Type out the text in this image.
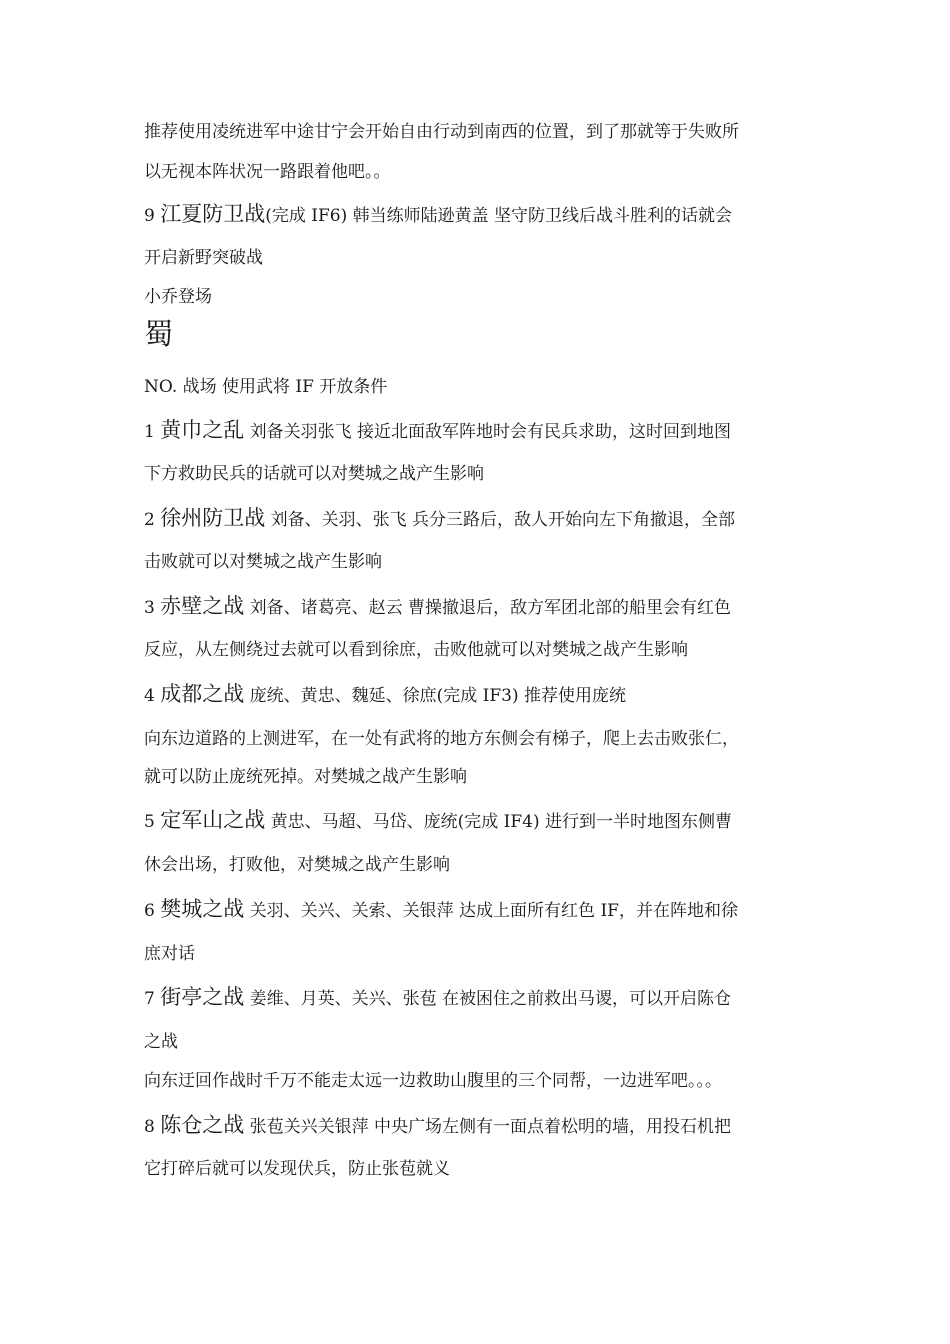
推荐使用凌统进军中途甘宁会开始自由行动到南西的位置，到了那就等于失败所
以无视本阵状况一路跟着他吧。。
9 江夏防卫战(完成 IF6) 韩当练师陆逊黄盖 坚守防卫线后战斗胜利的话就会
开启新野突破战
小乔登场
蜀
NO. 战场 使用武将 IF 开放条件
1 黄巾之乱 刘备关羽张飞 接近北面敌军阵地时会有民兵求助，这时回到地图
下方救助民兵的话就可以对樊城之战产生影响
2 徐州防卫战 刘备、关羽、张飞 兵分三路后，敌人开始向左下角撤退，全部
击败就可以对樊城之战产生影响
3 赤壁之战 刘备、诸葛亮、赵云 曹操撤退后，敌方军团北部的船里会有红色
反应，从左侧绕过去就可以看到徐庶，击败他就可以对樊城之战产生影响
4 成都之战 庞统、黄忠、魏延、徐庶(完成 IF3) 推荐使用庞统
向东边道路的上测进军，在一处有武将的地方东侧会有梯子，爬上去击败张仁，
就可以防止庞统死掉。对樊城之战产生影响
5 定军山之战 黄忠、马超、马岱、庞统(完成 IF4) 进行到一半时地图东侧曹
休会出场，打败他，对樊城之战产生影响
6 樊城之战 关羽、关兴、关索、关银萍 达成上面所有红色 IF，并在阵地和徐
庶对话
7 街亭之战 姜维、月英、关兴、张苞 在被困住之前救出马谡，可以开启陈仓
之战
向东迂回作战时千万不能走太远一边救助山腹里的三个同帮，一边进军吧。。。
8 陈仓之战 张苞关兴关银萍 中央广场左侧有一面点着松明的墙，用投石机把
它打碎后就可以发现伏兵，防止张苞就义
